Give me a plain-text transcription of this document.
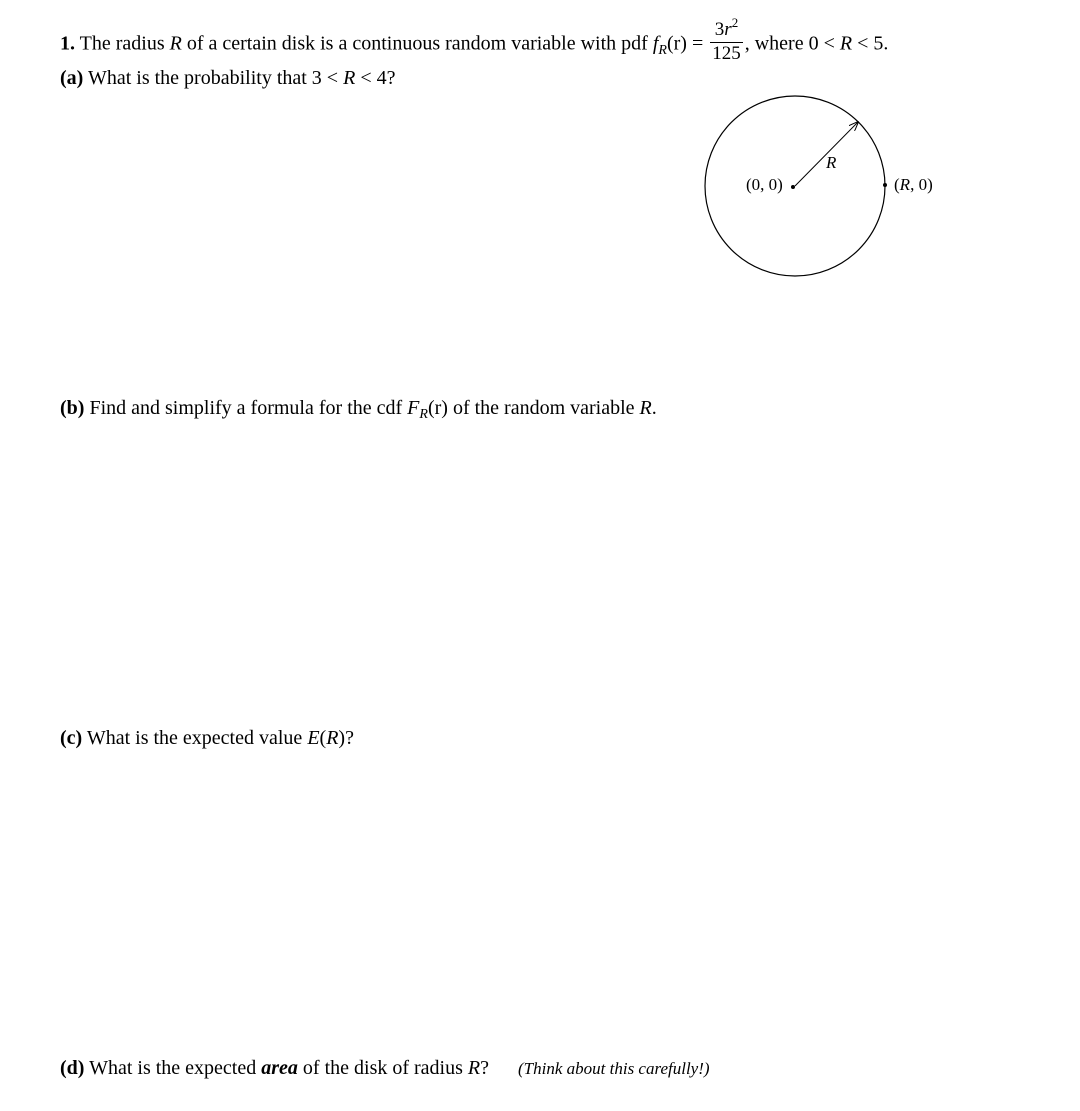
1. The radius R of a certain disk is a continuous random variable with pdf $f_R(r) = \frac{3r^2}{125}$ , where 0 < R < 5.
(a) What is the probability that 3 < R < 4?
(0, 0)
R
(R, 0)
(b) Find and simplify a formula for the cdf $F_R(r)$ of the random variable R.
(c) What is the expected value E(R)?
(d) What is the expected area of the disk of radius R? (Think about this carefully!)
